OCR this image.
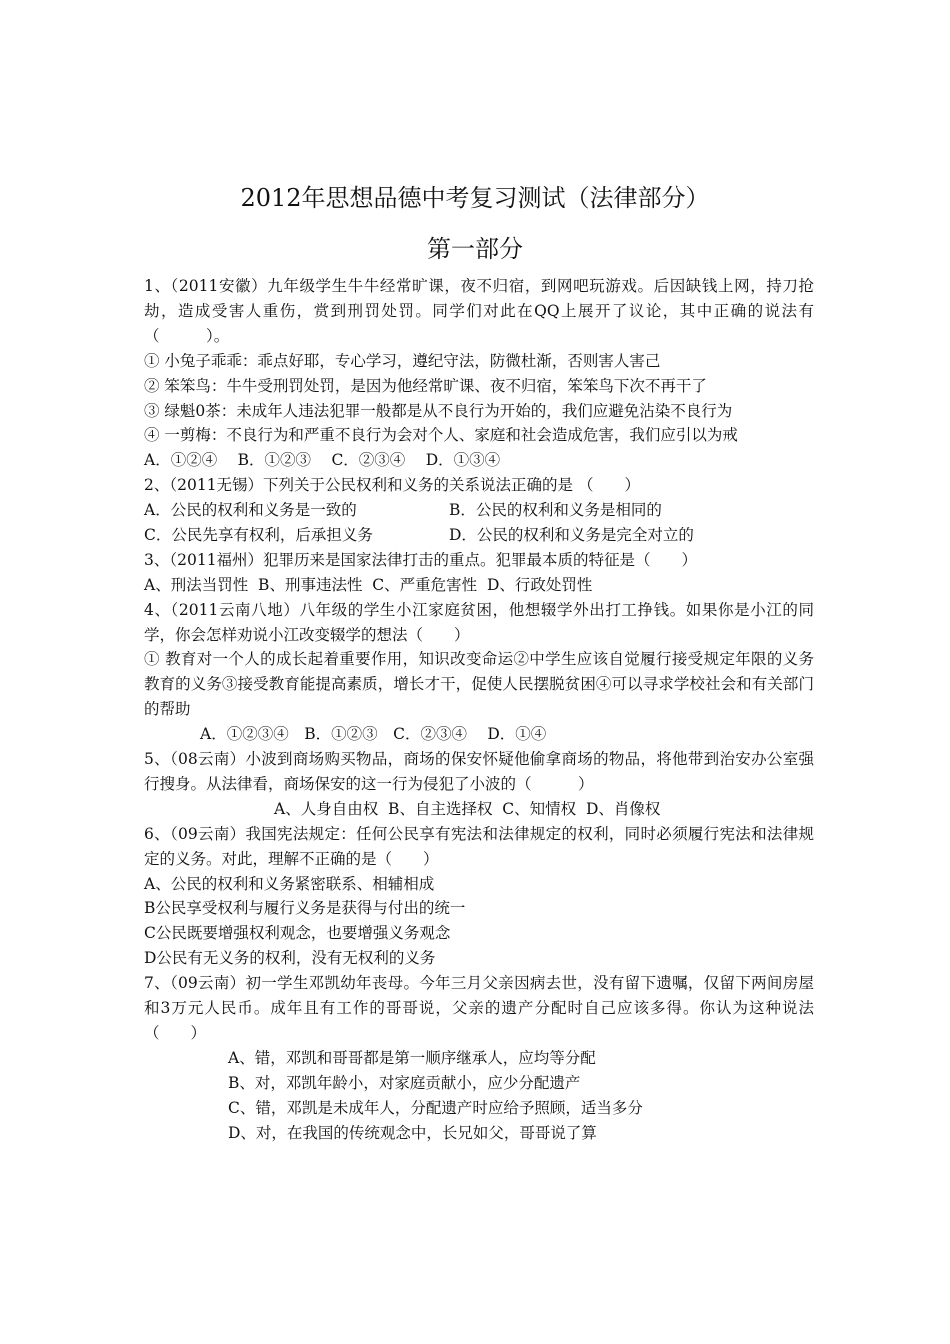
2012年思想品德中考复习测试（法律部分）
第一部分
1、（2011安徽）九年级学生牛牛经常旷课，夜不归宿，到网吧玩游戏。后因缺钱上网，持刀抢劫，造成受害人重伤，赏到刑罚处罚。同学们对此在QQ上展开了议论，其中正确的说法有（　　　）。
① 小兔子乖乖：乖点好耶，专心学习，遵纪守法，防微杜渐，否则害人害己
② 笨笨鸟：牛牛受刑罚处罚，是因为他经常旷课、夜不归宿，笨笨鸟下次不再干了
③ 绿魁0茶：未成年人违法犯罪一般都是从不良行为开始的，我们应避免沾染不良行为
④ 一剪梅：不良行为和严重不良行为会对个人、家庭和社会造成危害，我们应引以为戒
A．①②④　 B．①②③　 C．②③④　 D．①③④
2、（2011无锡）下列关于公民权利和义务的关系说法正确的是 （　　）
A．公民的权利和义务是一致的	B．公民的权利和义务是相同的
C．公民先享有权利，后承担义务	D．公民的权利和义务是完全对立的
3、（2011福州）犯罪历来是国家法律打击的重点。犯罪最本质的特征是（　　）
A、刑法当罚性  B、刑事违法性  C、严重危害性  D、行政处罚性
4、（2011云南八地）八年级的学生小江家庭贫困，他想辍学外出打工挣钱。如果你是小江的同学，你会怎样劝说小江改变辍学的想法（　　）
① 教育对一个人的成长起着重要作用，知识改变命运②中学生应该自觉履行接受规定年限的义务教育的义务③接受教育能提高素质，增长才干，促使人民摆脱贫困④可以寻求学校社会和有关部门的帮助
A．①②③④　B．①②③　C．②③④　 D．①④
5、（08云南）小波到商场购买物品，商场的保安怀疑他偷拿商场的物品，将他带到治安办公室强行搜身。从法律看，商场保安的这一行为侵犯了小波的（　　　）
A、人身自由权  B、自主选择权  C、知情权  D、肖像权
6、（09云南）我国宪法规定：任何公民享有宪法和法律规定的权利，同时必须履行宪法和法律规定的义务。对此，理解不正确的是（　　）
A、公民的权利和义务紧密联系、相辅相成
B公民享受权利与履行义务是获得与付出的统一
C公民既要增强权利观念，也要增强义务观念
D公民有无义务的权利，没有无权利的义务
7、（09云南）初一学生邓凯幼年丧母。今年三月父亲因病去世，没有留下遗嘱，仅留下两间房屋和3万元人民币。成年且有工作的哥哥说，父亲的遗产分配时自己应该多得。你认为这种说法（　　）
A、错，邓凯和哥哥都是第一顺序继承人，应均等分配
B、对，邓凯年龄小，对家庭贡献小，应少分配遗产
C、错，邓凯是未成年人，分配遗产时应给予照顾，适当多分
D、对，在我国的传统观念中，长兄如父，哥哥说了算
